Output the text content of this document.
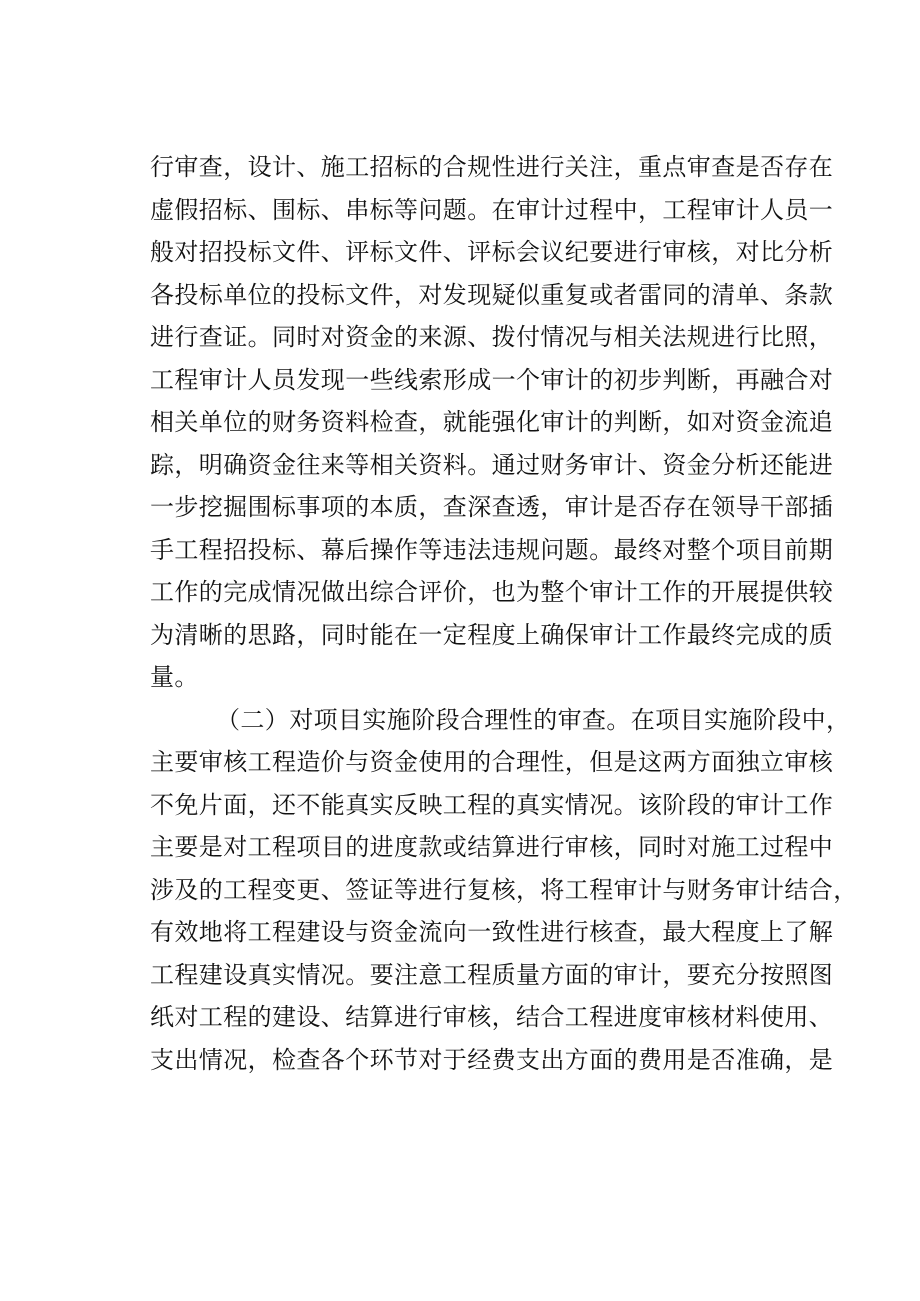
行审查，设计、施工招标的合规性进行关注，重点审查是否存在
虚假招标、围标、串标等问题。在审计过程中，工程审计人员一
般对招投标文件、评标文件、评标会议纪要进行审核，对比分析
各投标单位的投标文件，对发现疑似重复或者雷同的清单、条款
进行查证。同时对资金的来源、拨付情况与相关法规进行比照，
工程审计人员发现一些线索形成一个审计的初步判断，再融合对
相关单位的财务资料检查，就能强化审计的判断，如对资金流追
踪，明确资金往来等相关资料。通过财务审计、资金分析还能进
一步挖掘围标事项的本质，查深查透，审计是否存在领导干部插
手工程招投标、幕后操作等违法违规问题。最终对整个项目前期
工作的完成情况做出综合评价，也为整个审计工作的开展提供较
为清晰的思路，同时能在一定程度上确保审计工作最终完成的质
量。
（二）对项目实施阶段合理性的审查。在项目实施阶段中，
主要审核工程造价与资金使用的合理性，但是这两方面独立审核
不免片面，还不能真实反映工程的真实情况。该阶段的审计工作
主要是对工程项目的进度款或结算进行审核，同时对施工过程中
涉及的工程变更、签证等进行复核，将工程审计与财务审计结合，
有效地将工程建设与资金流向一致性进行核查，最大程度上了解
工程建设真实情况。要注意工程质量方面的审计，要充分按照图
纸对工程的建设、结算进行审核，结合工程进度审核材料使用、
支出情况，检查各个环节对于经费支出方面的费用是否准确，是
